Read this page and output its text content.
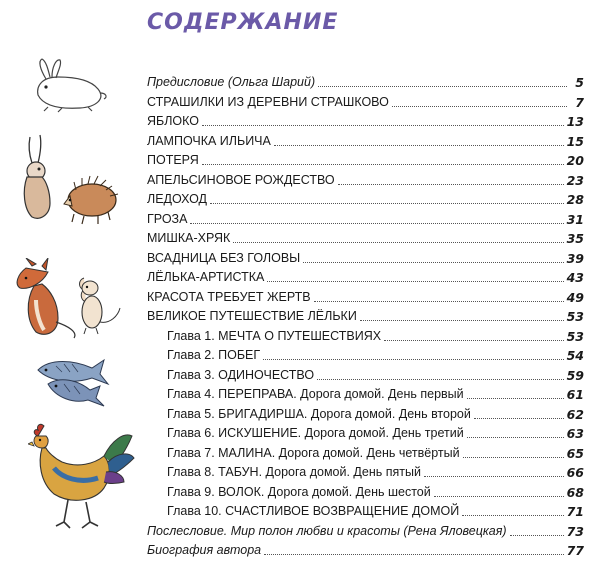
СОДЕРЖАНИЕ
Предисловие (Ольга Шарий)	5
СТРАШИЛКИ ИЗ ДЕРЕВНИ СТРАШКОВО	7
ЯБЛОКО	13
ЛАМПОЧКА ИЛЬИЧА	15
ПОТЕРЯ	20
АПЕЛЬСИНОВОЕ РОЖДЕСТВО	23
ЛЕДОХОД	28
ГРОЗА	31
МИШКА-ХРЯК	35
ВСАДНИЦА БЕЗ ГОЛОВЫ	39
ЛЁЛЬКА-АРТИСТКА	43
КРАСОТА ТРЕБУЕТ ЖЕРТВ	49
ВЕЛИКОЕ ПУТЕШЕСТВИЕ ЛЁЛЬКИ	53
Глава 1. МЕЧТА О ПУТЕШЕСТВИЯХ	53
Глава 2. ПОБЕГ	54
Глава 3. ОДИНОЧЕСТВО	59
Глава 4. ПЕРЕПРАВА. Дорога домой. День первый	61
Глава 5. БРИГАДИРША. Дорога домой. День второй	62
Глава 6. ИСКУШЕНИЕ. Дорога домой. День третий	63
Глава 7. МАЛИНА. Дорога домой. День четвёртый	65
Глава 8. ТАБУН. Дорога домой. День пятый	66
Глава 9. ВОЛОК. Дорога домой. День шестой	68
Глава 10. СЧАСТЛИВОЕ ВОЗВРАЩЕНИЕ ДОМОЙ	71
Послесловие. Мир полон любви и красоты (Рена Яловецкая)	73
Биография автора	77
